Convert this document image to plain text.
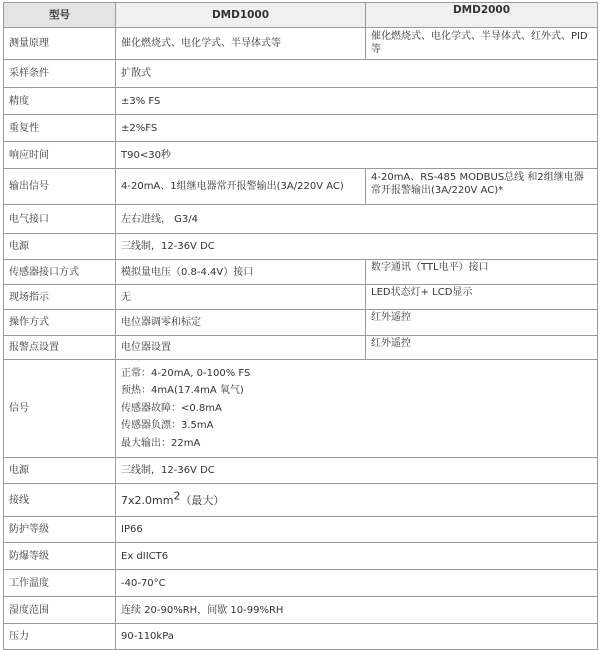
型号	DMD1000	DMD2000
测量原理	催化燃烧式、电化学式、半导体式等	催化燃烧式、电化学式、半导体式、红外式、PID等
采样条件	扩散式	
精度	±3% FS	
重复性	±2%FS	
响应时间	T90<30秒	
输出信号	4-20mA、1组继电器常开报警输出(3A/220V AC)	4-20mA、RS-485 MODBUS总线 和2组继电器常开报警输出(3A/220V AC)*
电气接口	左右进线， G3/4	
电源	三线制，12-36V DC	
传感器接口方式	模拟量电压（0.8-4.4V）接口	数字通讯（TTL电平）接口
现场指示	无	LED状态灯+ LCD显示
操作方式	电位器调零和标定	红外遥控
报警点设置	电位器设置	红外遥控
信号	正常：4-20mA, 0-100% FS
预热：4mA(17.4mA 氧气)
传感器故障：<0.8mA
传感器负漂：3.5mA
最大输出：22mA	

电源	三线制，12-36V DC	
接线	$7x2.0mm^2$（最大）	
防护等级	IP66	
防爆等级	Ex dIICT6	
工作温度	-40-70°C	
湿度范围	连续 20-90%RH，间歇 10-99%RH	
压力	90-110kPa	
